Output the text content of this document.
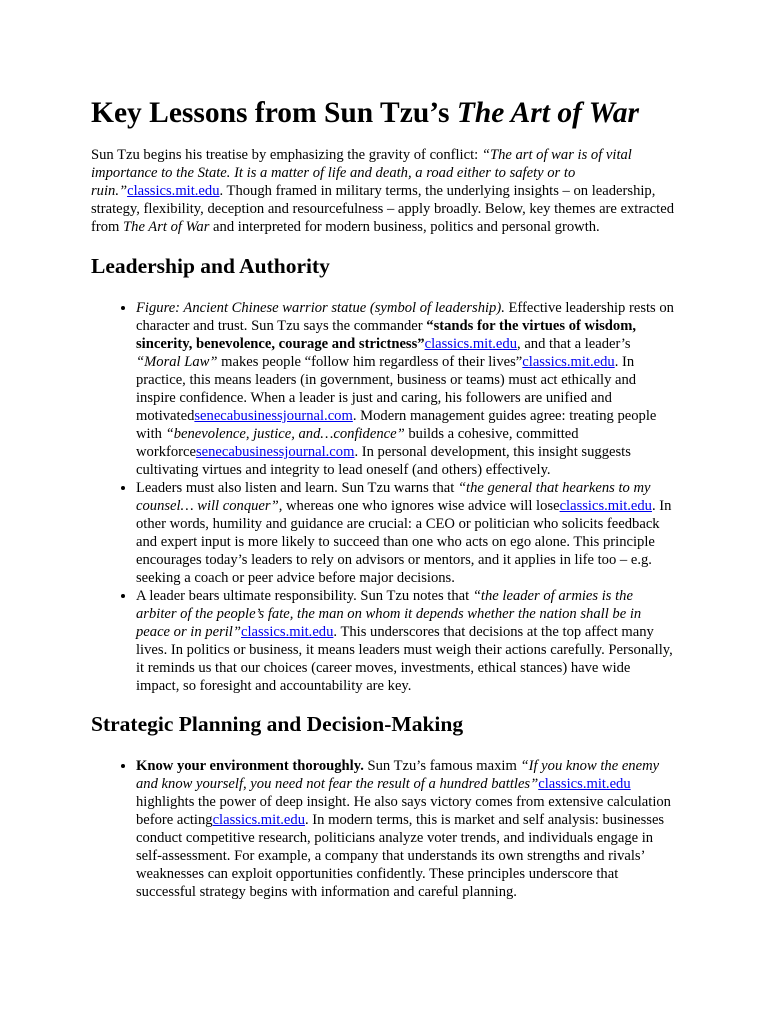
Key Lessons from Sun Tzu’s The Art of War

Sun Tzu begins his treatise by emphasizing the gravity of conflict: “The art of war is of vital importance to the State. It is a matter of life and death, a road either to safety or to ruin.”classics.mit.edu. Though framed in military terms, the underlying insights – on leadership, strategy, flexibility, deception and resourcefulness – apply broadly. Below, key themes are extracted from The Art of War and interpreted for modern business, politics and personal growth.

Leadership and Authority
• Figure: Ancient Chinese warrior statue (symbol of leadership). Effective leadership rests on character and trust. Sun Tzu says the commander “stands for the virtues of wisdom, sincerity, benevolence, courage and strictness”classics.mit.edu, and that a leader’s “Moral Law” makes people “follow him regardless of their lives”classics.mit.edu. In practice, this means leaders (in government, business or teams) must act ethically and inspire confidence. When a leader is just and caring, his followers are unified and motivatedsenecabusinessjournal.com. Modern management guides agree: treating people with “benevolence, justice, and…confidence” builds a cohesive, committed workforcesenecabusinessjournal.com. In personal development, this insight suggests cultivating virtues and integrity to lead oneself (and others) effectively.
• Leaders must also listen and learn. Sun Tzu warns that “the general that hearkens to my counsel… will conquer”, whereas one who ignores wise advice will loseclassics.mit.edu. In other words, humility and guidance are crucial: a CEO or politician who solicits feedback and expert input is more likely to succeed than one who acts on ego alone. This principle encourages today’s leaders to rely on advisors or mentors, and it applies in life too – e.g. seeking a coach or peer advice before major decisions.
• A leader bears ultimate responsibility. Sun Tzu notes that “the leader of armies is the arbiter of the people’s fate, the man on whom it depends whether the nation shall be in peace or in peril”classics.mit.edu. This underscores that decisions at the top affect many lives. In politics or business, it means leaders must weigh their actions carefully. Personally, it reminds us that our choices (career moves, investments, ethical stances) have wide impact, so foresight and accountability are key.
Strategic Planning and Decision-Making
• Know your environment thoroughly. Sun Tzu’s famous maxim “If you know the enemy and know yourself, you need not fear the result of a hundred battles”classics.mit.edu highlights the power of deep insight. He also says victory comes from extensive calculation before actingclassics.mit.edu. In modern terms, this is market and self analysis: businesses conduct competitive research, politicians analyze voter trends, and individuals engage in self-assessment. For example, a company that understands its own strengths and rivals’ weaknesses can exploit opportunities confidently. These principles underscore that successful strategy begins with information and careful planning.
